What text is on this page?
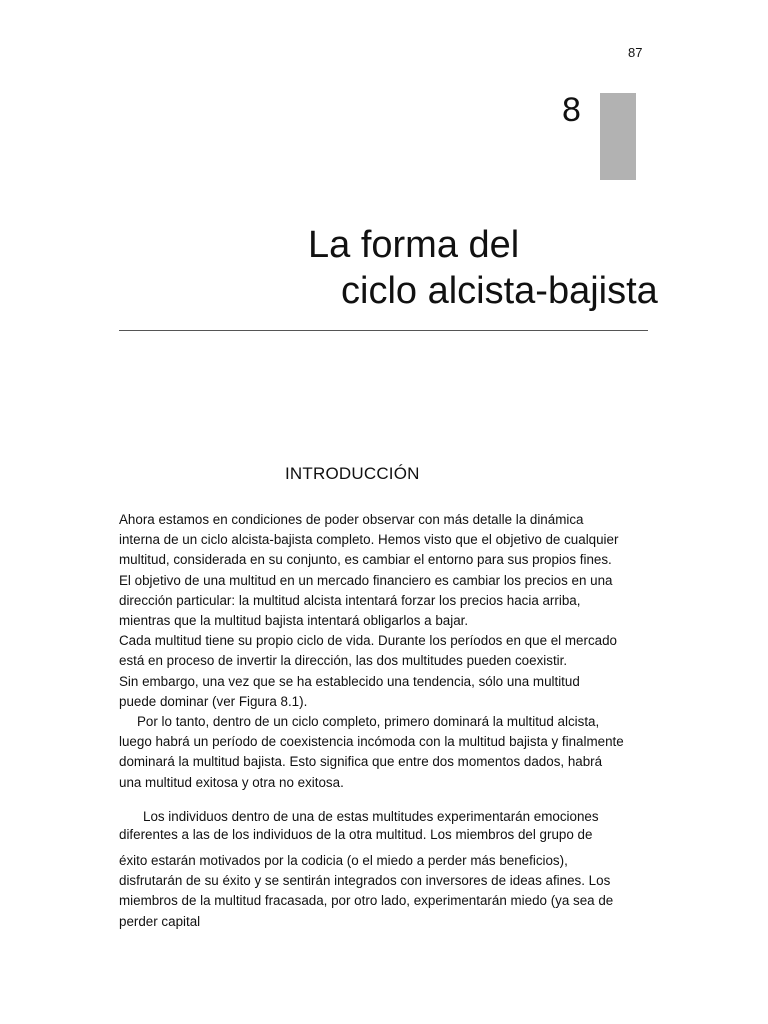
87
8
La forma del
ciclo alcista-bajista
INTRODUCCIÓN
Ahora estamos en condiciones de poder observar con más detalle la dinámica
interna de un ciclo alcista-bajista completo. Hemos visto que el objetivo de cualquier
multitud, considerada en su conjunto, es cambiar el entorno para sus propios fines.
El objetivo de una multitud en un mercado financiero es cambiar los precios en una
dirección particular: la multitud alcista intentará forzar los precios hacia arriba,
mientras que la multitud bajista intentará obligarlos a bajar.
Cada multitud tiene su propio ciclo de vida. Durante los períodos en que el mercado
está en proceso de invertir la dirección, las dos multitudes pueden coexistir.
Sin embargo, una vez que se ha establecido una tendencia, sólo una multitud
puede dominar (ver Figura 8.1).
Por lo tanto, dentro de un ciclo completo, primero dominará la multitud alcista,
luego habrá un período de coexistencia incómoda con la multitud bajista y finalmente
dominará la multitud bajista. Esto significa que entre dos momentos dados, habrá
una multitud exitosa y otra no exitosa.
Los individuos dentro de una de estas multitudes experimentarán emociones
diferentes a las de los individuos de la otra multitud. Los miembros del grupo de
éxito estarán motivados por la codicia (o el miedo a perder más beneficios),
disfrutarán de su éxito y se sentirán integrados con inversores de ideas afines. Los
miembros de la multitud fracasada, por otro lado, experimentarán miedo (ya sea de
perder capital
